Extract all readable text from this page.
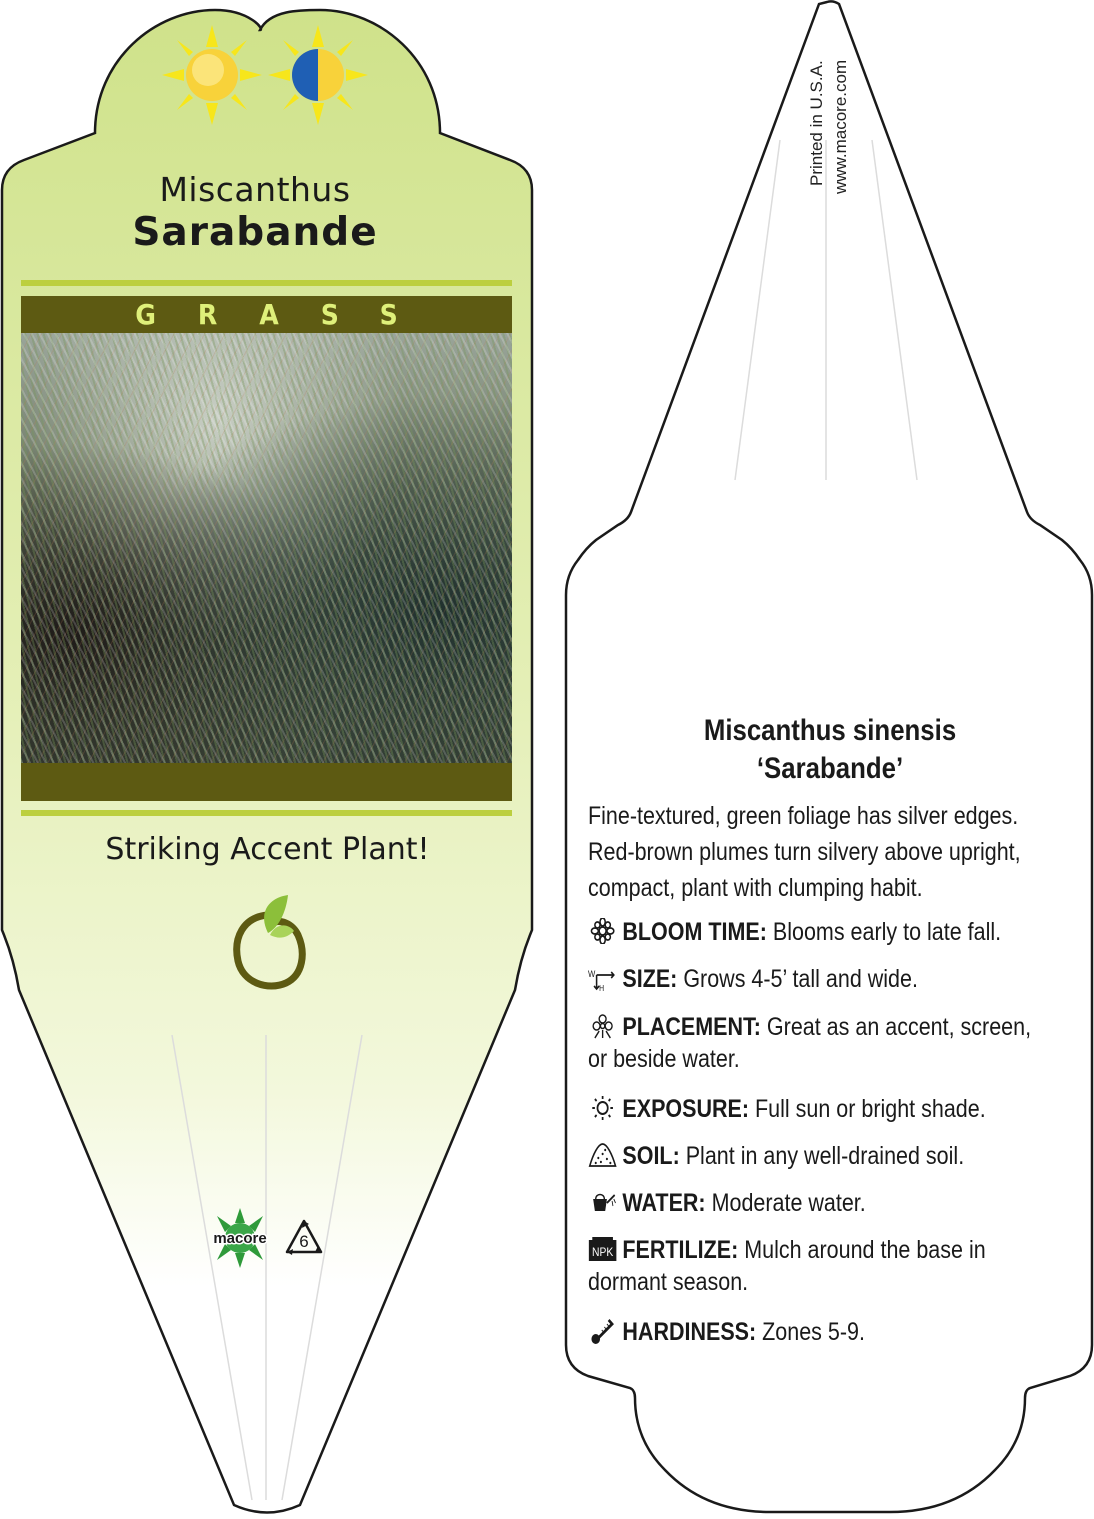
Miscanthus
Sarabande
GRASS
Striking Accent Plant!
macore 6
Printed in U.S.A. www.macore.com
Miscanthus sinensis
‘Sarabande’
Fine-textured, green foliage has silver edges. Red-brown plumes turn silvery above upright, compact, plant with clumping habit.
BLOOM TIME: Blooms early to late fall.
W
H SIZE: Grows 4-5’ tall and wide.
PLACEMENT: Great as an accent, screen, or beside water.
EXPOSURE: Full sun or bright shade.
SOIL: Plant in any well-drained soil.
WATER: Moderate water.
NPK FERTILIZE: Mulch around the base in dormant season.
HARDINESS: Zones 5-9.
